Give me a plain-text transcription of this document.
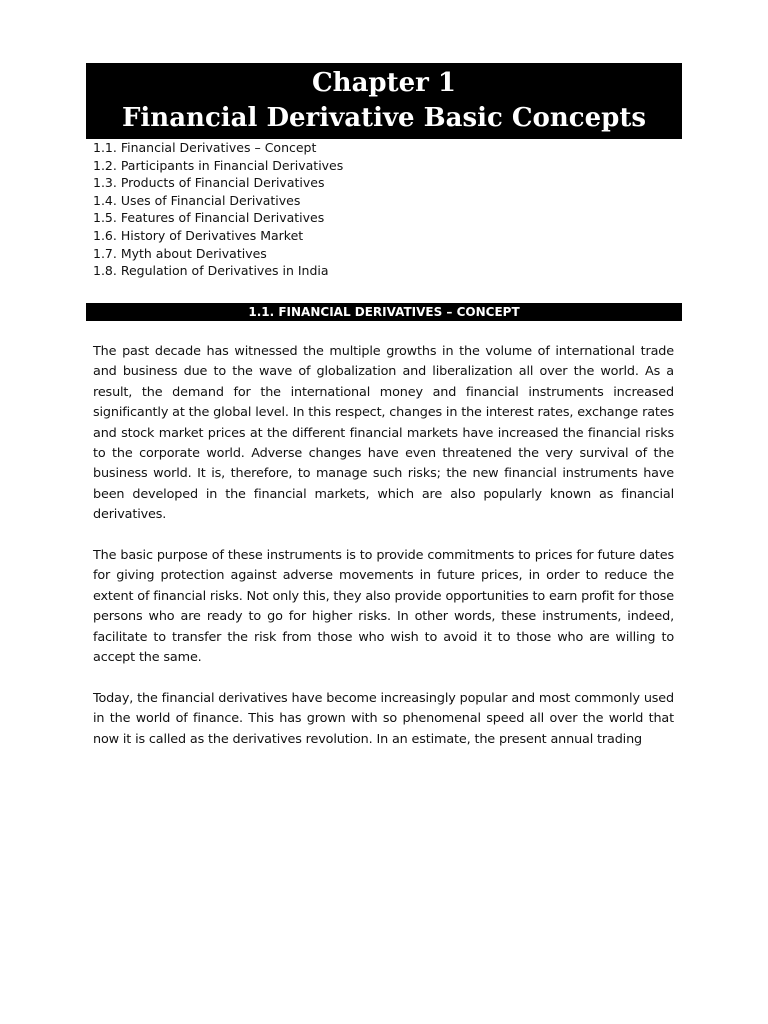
Chapter 1
Financial Derivative Basic Concepts
1.1. Financial Derivatives – Concept
1.2. Participants in Financial Derivatives
1.3. Products of Financial Derivatives
1.4. Uses of Financial Derivatives
1.5. Features of Financial Derivatives
1.6. History of Derivatives Market
1.7. Myth about Derivatives
1.8. Regulation of Derivatives in India
1.1. FINANCIAL DERIVATIVES – CONCEPT

The past decade has witnessed the multiple growths in the volume of international trade and business due to the wave of globalization and liberalization all over the world. As a result, the demand for the international money and financial instruments increased significantly at the global level. In this respect, changes in the interest rates, exchange rates and stock market prices at the different financial markets have increased the financial risks to the corporate world. Adverse changes have even threatened the very survival of the business world. It is, therefore, to manage such risks; the new financial instruments have been developed in the financial markets, which are also popularly known as financial derivatives.

The basic purpose of these instruments is to provide commitments to prices for future dates for giving protection against adverse movements in future prices, in order to reduce the extent of financial risks. Not only this, they also provide opportunities to earn profit for those persons who are ready to go for higher risks. In other words, these instruments, indeed, facilitate to transfer the risk from those who wish to avoid it to those who are willing to accept the same.

Today, the financial derivatives have become increasingly popular and most commonly used in the world of finance. This has grown with so phenomenal speed all over the world that now it is called as the derivatives revolution. In an estimate, the present annual trading
